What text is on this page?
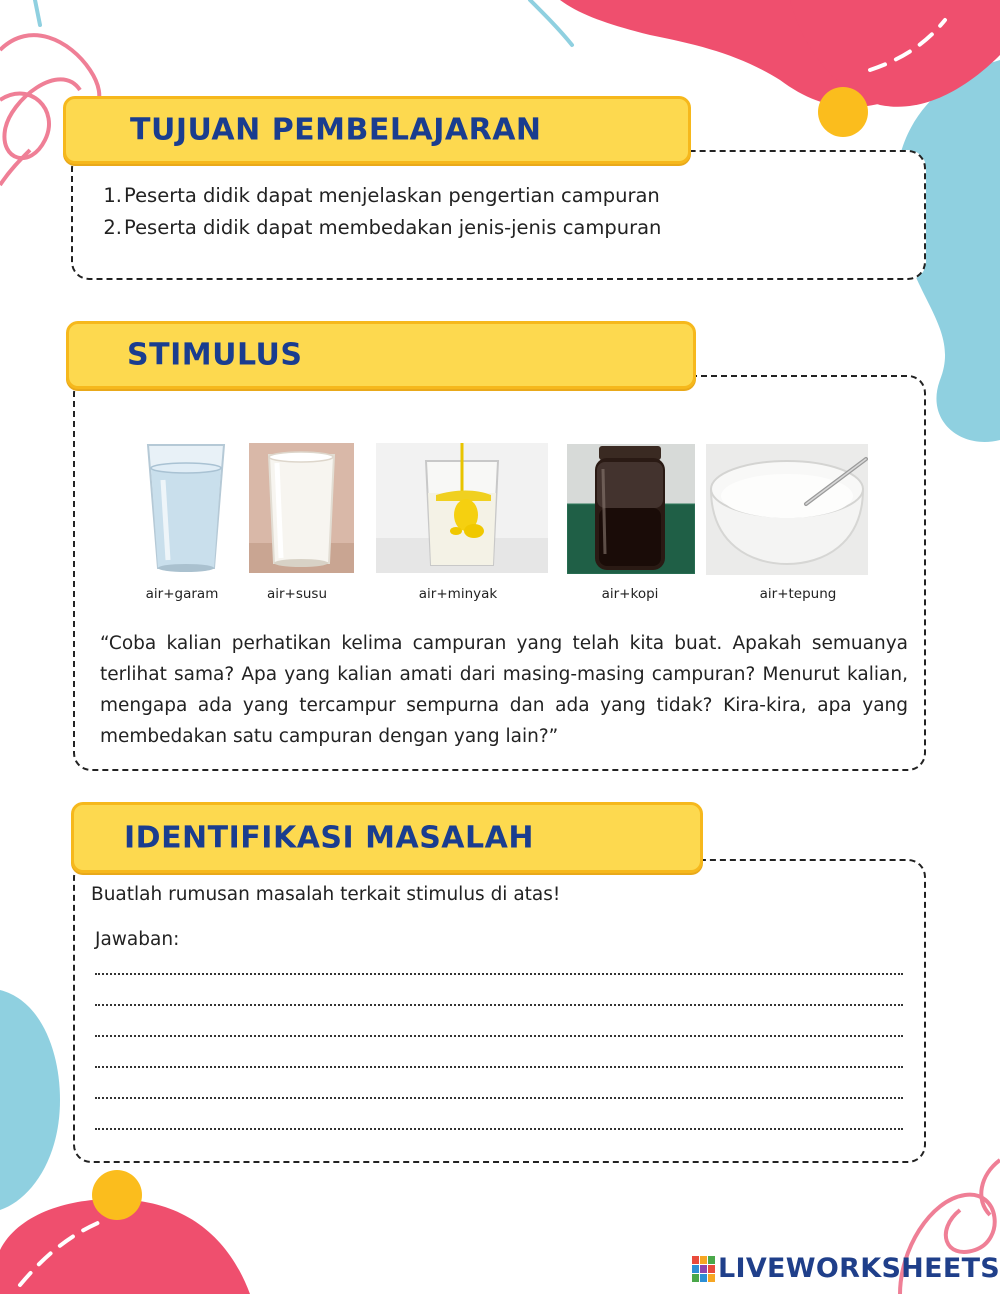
TUJUAN PEMBELAJARAN
1. Peserta didik dapat menjelaskan pengertian campuran
2. Peserta didik dapat membedakan jenis-jenis campuran
STIMULUS
air+garam	air+susu	air+minyak	air+kopi	air+tepung
“Coba kalian perhatikan kelima campuran yang telah kita buat. Apakah semuanya terlihat sama? Apa yang kalian amati dari masing-masing campuran? Menurut kalian, mengapa ada yang tercampur sempurna dan ada yang tidak? Kira-kira, apa yang membedakan satu campuran dengan yang lain?”
IDENTIFIKASI MASALAH
Buatlah rumusan masalah terkait stimulus di atas!
Jawaban:
LIVEWORKSHEETS
